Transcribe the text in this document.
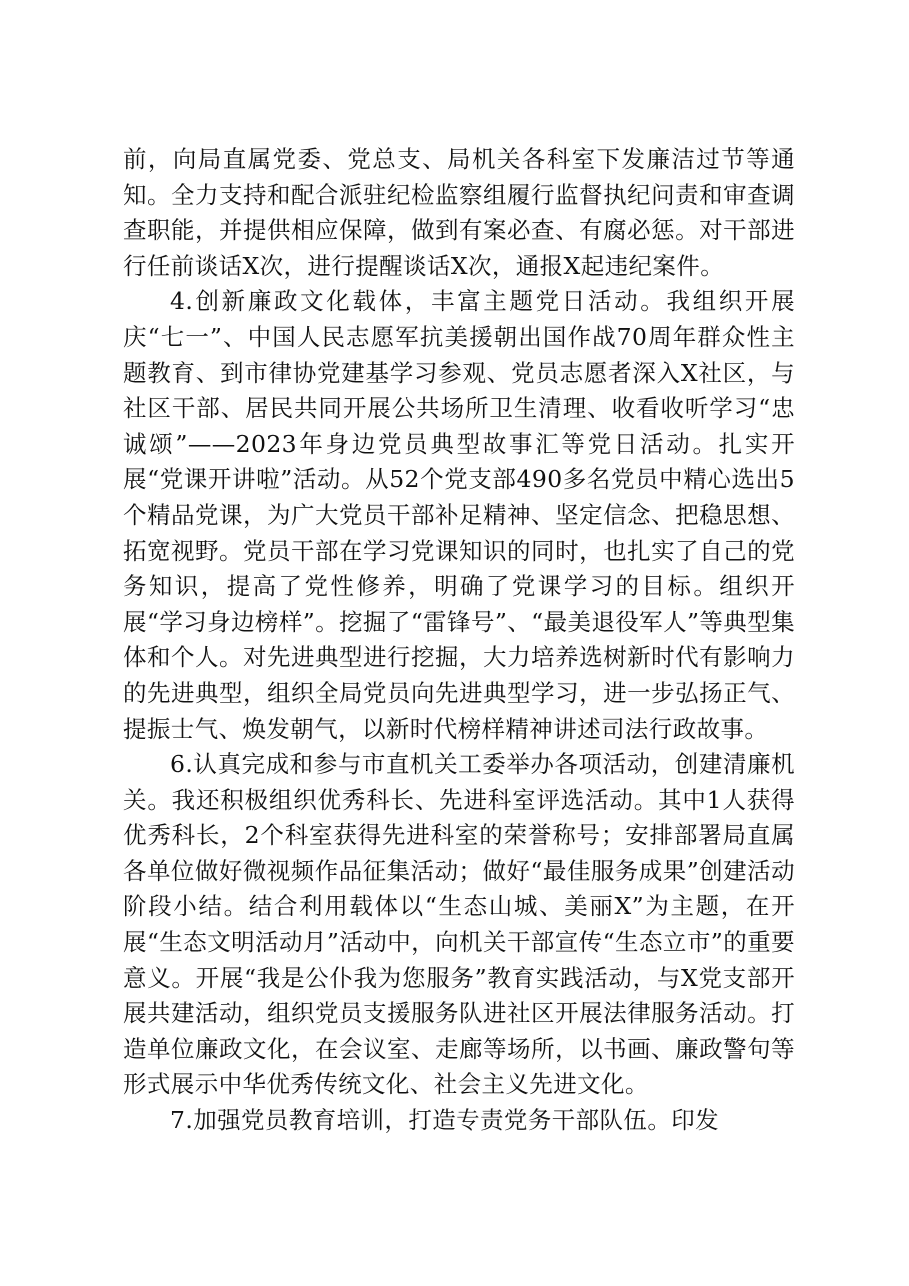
前，向局直属党委、党总支、局机关各科室下发廉洁过节等通知。全力支持和配合派驻纪检监察组履行监督执纪问责和审查调查职能，并提供相应保障，做到有案必查、有腐必惩。对干部进行任前谈话X次，进行提醒谈话X次，通报X起违纪案件。

4.创新廉政文化载体，丰富主题党日活动。我组织开展庆“七一”、中国人民志愿军抗美援朝出国作战70周年群众性主题教育、到市律协党建基学习参观、党员志愿者深入X社区，与社区干部、居民共同开展公共场所卫生清理、收看收听学习“忠诚颂”——2023年身边党员典型故事汇等党日活动。扎实开展“党课开讲啦”活动。从52个党支部490多名党员中精心选出5个精品党课，为广大党员干部补足精神、坚定信念、把稳思想、拓宽视野。党员干部在学习党课知识的同时，也扎实了自己的党务知识，提高了党性修养，明确了党课学习的目标。组织开展“学习身边榜样”。挖掘了“雷锋号”、“最美退役军人”等典型集体和个人。对先进典型进行挖掘，大力培养选树新时代有影响力的先进典型，组织全局党员向先进典型学习，进一步弘扬正气、提振士气、焕发朝气，以新时代榜样精神讲述司法行政故事。

6.认真完成和参与市直机关工委举办各项活动，创建清廉机关。我还积极组织优秀科长、先进科室评选活动。其中1人获得优秀科长，2个科室获得先进科室的荣誉称号；安排部署局直属各单位做好微视频作品征集活动；做好“最佳服务成果”创建活动阶段小结。结合利用载体以“生态山城、美丽X”为主题，在开展“生态文明活动月”活动中，向机关干部宣传“生态立市”的重要意义。开展“我是公仆我为您服务”教育实践活动，与X党支部开展共建活动，组织党员支援服务队进社区开展法律服务活动。打造单位廉政文化，在会议室、走廊等场所，以书画、廉政警句等形式展示中华优秀传统文化、社会主义先进文化。

7.加强党员教育培训，打造专责党务干部队伍。印发
